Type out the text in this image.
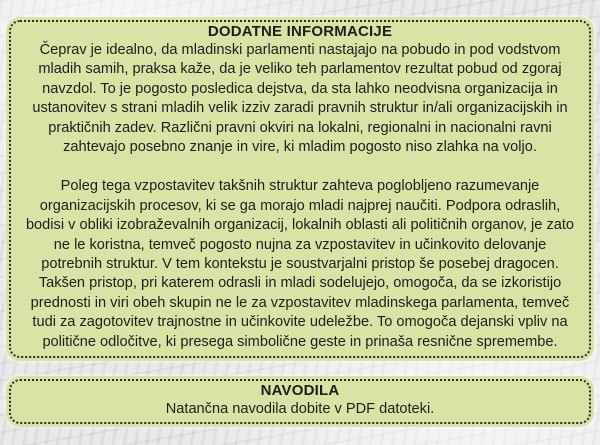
DODATNE INFORMACIJE

Čeprav je idealno, da mladinski parlamenti nastajajo na pobudo in pod vodstvom mladih samih, praksa kaže, da je veliko teh parlamentov rezultat pobud od zgoraj navzdol. To je pogosto posledica dejstva, da sta lahko neodvisna organizacija in ustanovitev s strani mladih velik izziv zaradi pravnih struktur in/ali organizacijskih in praktičnih zadev. Različni pravni okviri na lokalni, regionalni in nacionalni ravni zahtevajo posebno znanje in vire, ki mladim pogosto niso zlahka na voljo.

Poleg tega vzpostavitev takšnih struktur zahteva poglobljeno razumevanje organizacijskih procesov, ki se ga morajo mladi najprej naučiti. Podpora odraslih, bodisi v obliki izobraževalnih organizacij, lokalnih oblasti ali političnih organov, je zato ne le koristna, temveč pogosto nujna za vzpostavitev in učinkovito delovanje potrebnih struktur. V tem kontekstu je soustvarjalni pristop še posebej dragocen. Takšen pristop, pri katerem odrasli in mladi sodelujejo, omogoča, da se izkoristijo prednosti in viri obeh skupin ne le za vzpostavitev mladinskega parlamenta, temveč tudi za zagotovitev trajnostne in učinkovite udeležbe. To omogoča dejanski vpliv na politične odločitve, ki presega simbolične geste in prinaša resnične spremembe.

NAVODILA

Natančna navodila dobite v PDF datoteki.
